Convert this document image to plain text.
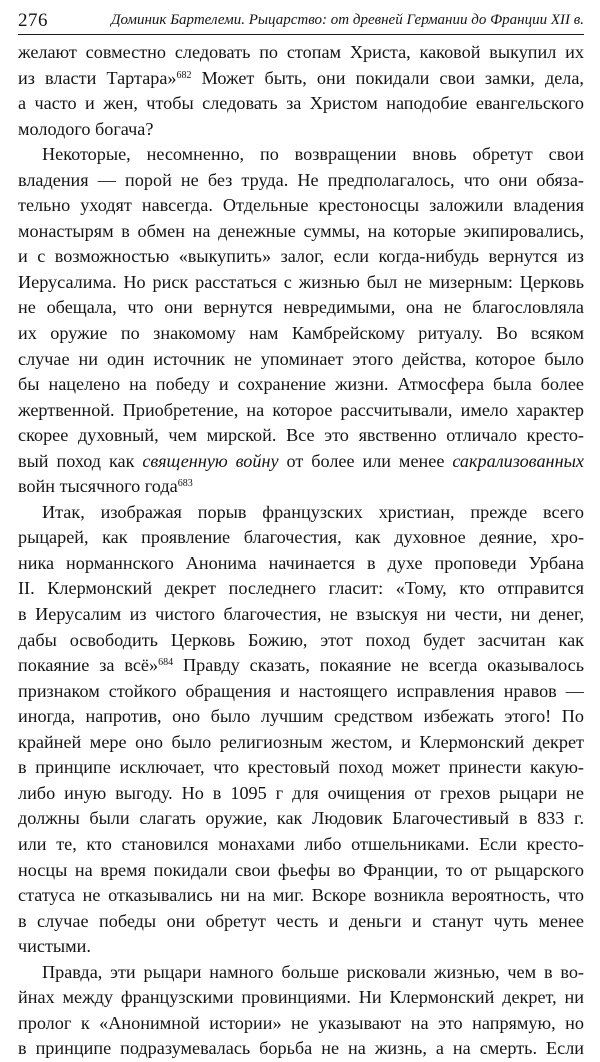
276	Доминик Бартелеми. Рыцарство: от древней Германии до Франции XII в.
желают совместно следовать по стопам Христа, каковой выкупил их
из власти Тартара»$^{682}$ Может быть, они покидали свои замки, дела,
а часто и жен, чтобы следовать за Христом наподобие евангельского
молодого богача?
Некоторые, несомненно, по возвращении вновь обретут свои
владения — порой не без труда. Не предполагалось, что они обяза-
тельно уходят навсегда. Отдельные крестоносцы заложили владения
монастырям в обмен на денежные суммы, на которые экипировались,
и с возможностью «выкупить» залог, если когда-нибудь вернутся из
Иерусалима. Но риск расстаться с жизнью был не мизерным: Церковь
не обещала, что они вернутся невредимыми, она не благословляла
их оружие по знакомому нам Камбрейскому ритуалу. Во всяком
случае ни один источник не упоминает этого действа, которое было
бы нацелено на победу и сохранение жизни. Атмосфера была более
жертвенной. Приобретение, на которое рассчитывали, имело характер
скорее духовный, чем мирской. Все это явственно отличало кресто-
вый поход как священную войну от более или менее сакрализованных
войн тысячного года$^{683}$
Итак, изображая порыв французских христиан, прежде всего
рыцарей, как проявление благочестия, как духовное деяние, хро-
ника норманнского Анонима начинается в духе проповеди Урбана
II. Клермонский декрет последнего гласит: «Тому, кто отправится
в Иерусалим из чистого благочестия, не взыскуя ни чести, ни денег,
дабы освободить Церковь Божию, этот поход будет засчитан как
покаяние за всё»$^{684}$ Правду сказать, покаяние не всегда оказывалось
признаком стойкого обращения и настоящего исправления нравов —
иногда, напротив, оно было лучшим средством избежать этого! По
крайней мере оно было религиозным жестом, и Клермонский декрет
в принципе исключает, что крестовый поход может принести какую-
либо иную выгоду. Но в 1095 г для очищения от грехов рыцари не
должны были слагать оружие, как Людовик Благочестивый в 833 г.
или те, кто становился монахами либо отшельниками. Если кресто-
носцы на время покидали свои фьефы во Франции, то от рыцарского
статуса не отказывались ни на миг. Вскоре возникла вероятность, что
в случае победы они обретут честь и деньги и станут чуть менее
чистыми.
Правда, эти рыцари намного больше рисковали жизнью, чем в во-
йнах между французскими провинциями. Ни Клермонский декрет, ни
пролог к «Анонимной истории» не указывают на это напрямую, но
в принципе подразумевалась борьба не на жизнь, а на смерть. Если
